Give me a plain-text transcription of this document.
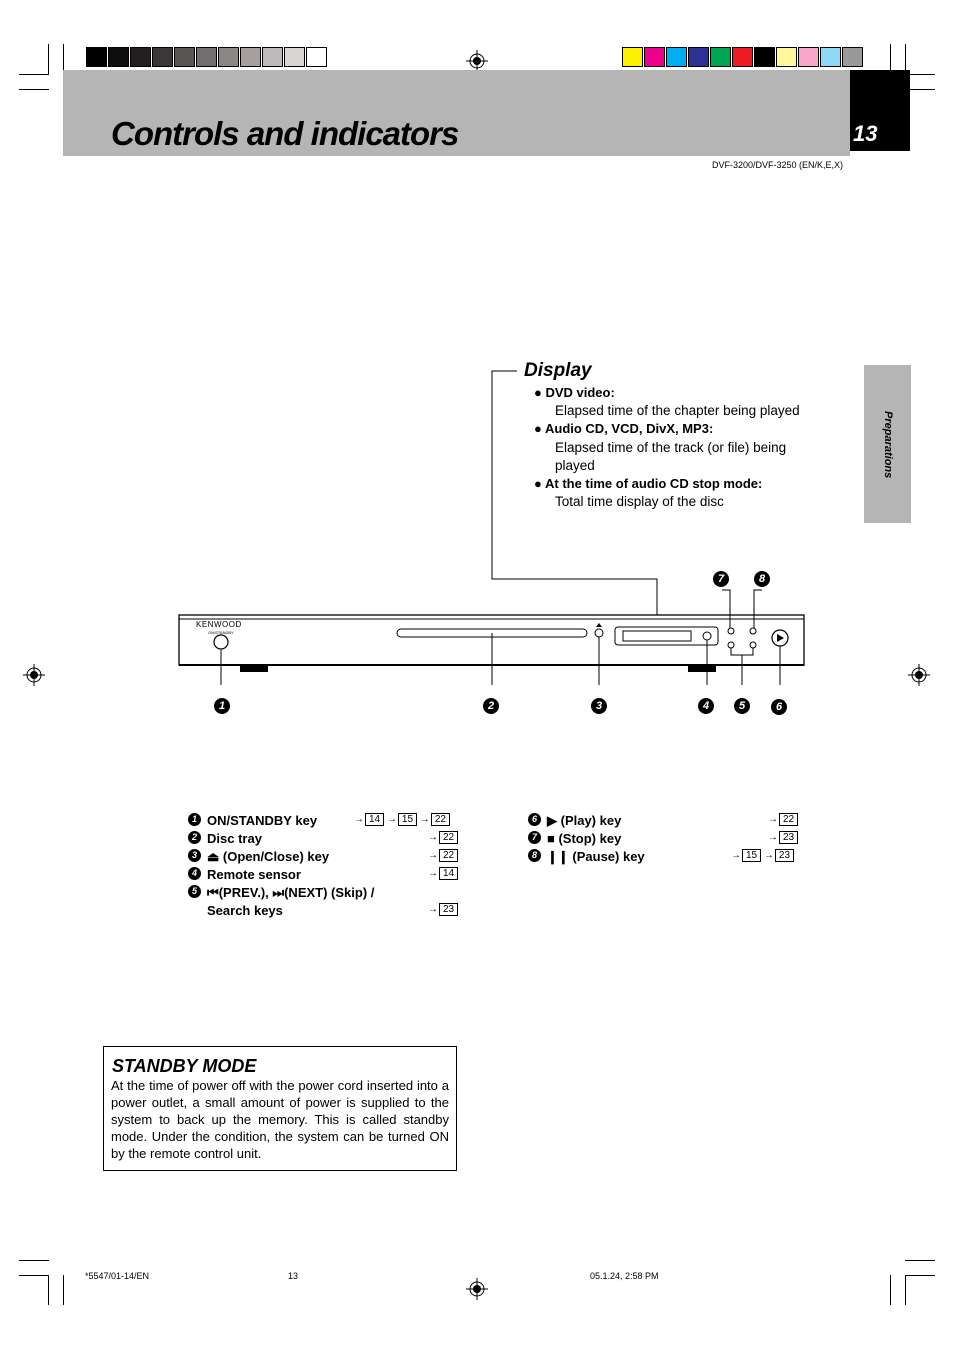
Controls and indicators	13
DVF-3200/DVF-3250 (EN/K,E,X)
Preparations
Display
● DVD video:
Elapsed time of the chapter being played
● Audio CD, VCD, DivX, MP3:
Elapsed time of the track (or file) being
played
● At the time of audio CD stop mode:
Total time display of the disc
KENWOOD
ON/STANDBY
1	2	3	4	5	6
7	8
1 ON/STANDBY key	→ 14 → 15 → 22
2 Disc tray	→ 22
3 ⏏ (Open/Close) key	→ 22
4 Remote sensor	→ 14
5 ⏮(PREV.), ⏭(NEXT) (Skip) /
Search keys	→ 23
6 ▶ (Play) key	→ 22
7 ■ (Stop) key	→ 23
8 ❙❙ (Pause) key	→ 15 → 23
STANDBY MODE
At the time of power off with the power cord inserted into a power outlet, a small amount of power is supplied to the system to back up the memory. This is called standby mode. Under the condition, the system can be turned ON by the remote control unit.
*5547/01-14/EN	13	05.1.24, 2:58 PM
